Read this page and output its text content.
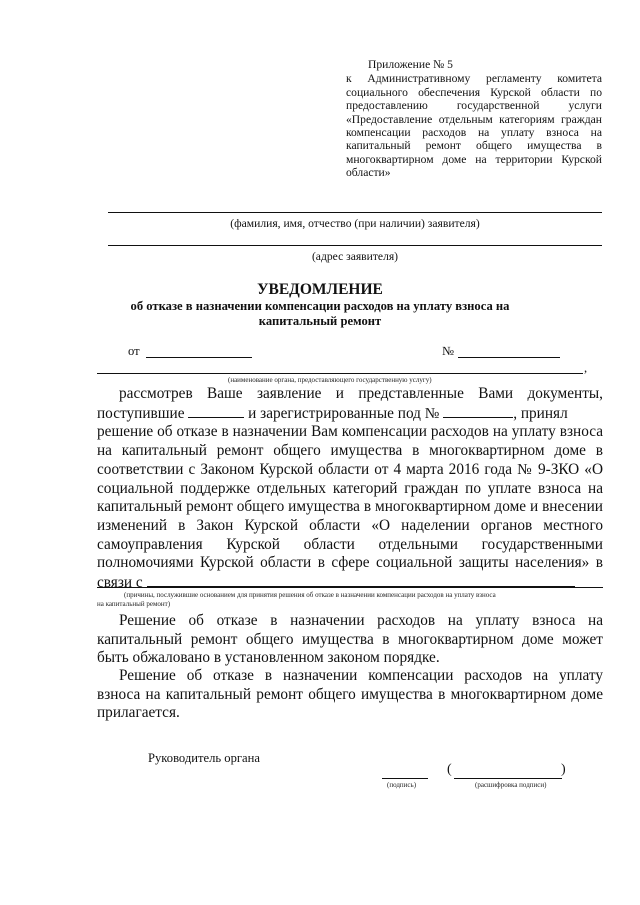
Приложение № 5
к Административному регламенту комитета
социального обеспечения Курской области по
предоставлению государственной услуги
«Предоставление отдельным категориям граждан
компенсации расходов на уплату взноса на
капитальный ремонт общего имущества в
многоквартирном доме на территории Курской
области»
(фамилия, имя, отчество (при наличии) заявителя)
(адрес заявителя)
УВЕДОМЛЕНИЕ
об отказе в назначении компенсации расходов на уплату взноса на
капитальный ремонт
от	№
,
(наименование органа, предоставляющего государственную услугу)
рассмотрев Ваше заявление и представленные Вами документы,
поступившие	и зарегистрированные под №	, принял
решение об отказе в назначении Вам компенсации расходов на уплату взноса
на капитальный ремонт общего имущества в многоквартирном доме в
соответствии с Законом Курской области от 4 марта 2016 года № 9-ЗКО «О
социальной поддержке отдельных категорий граждан по уплате взноса на
капитальный ремонт общего имущества в многоквартирном доме и внесении
изменений в Закон Курской области «О наделении органов местного
самоуправления Курской области отдельными государственными
полномочиями Курской области в сфере социальной защиты населения» в
связи с
(причины, послужившие основанием для принятия решения об отказе в назначении компенсации расходов на уплату взноса
на капитальный ремонт)
Решение об отказе в назначении расходов на уплату взноса на
капитальный ремонт общего имущества в многоквартирном доме может
быть обжаловано в установленном законом порядке.
Решение об отказе в назначении компенсации расходов на уплату
взноса на капитальный ремонт общего имущества в многоквартирном доме
прилагается.
Руководитель органа
(подпись)
(	)
(расшифровка подписи)
